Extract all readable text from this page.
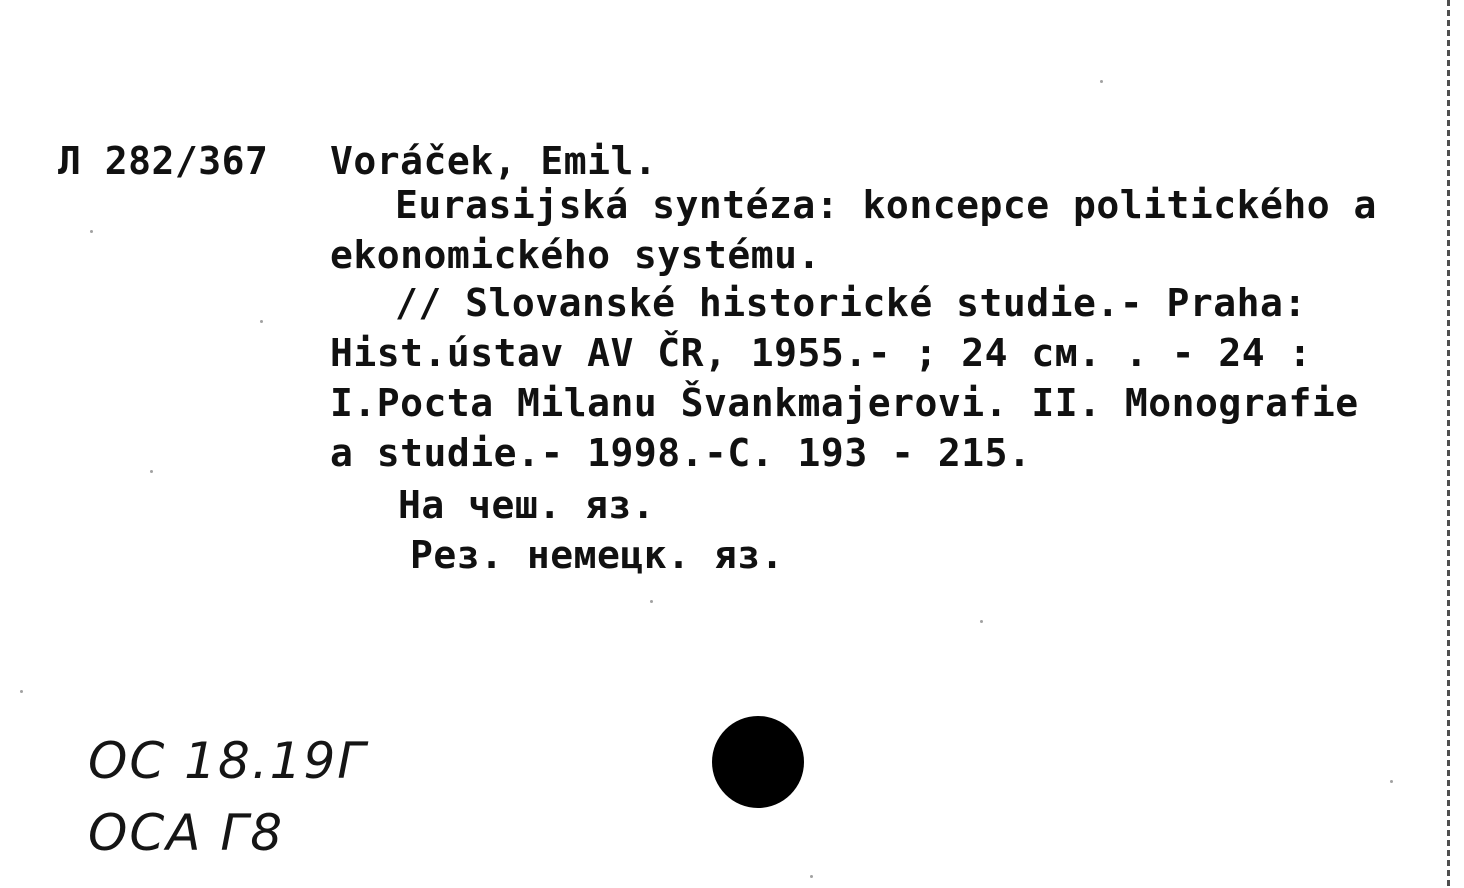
Л 282/367 Voráček, Emil.
Eurasijská syntéza: koncepce politického a
ekonomického systému.
// Slovanské historické studie.- Praha:
Hist.ústav AV ČR, 1955.- ; 24 см. . - 24 :
I.Pocta Milanu Švankmajerovi. II. Monografie
a studie.- 1998.-С. 193 - 215.
На чеш. яз.
Рез. немецк. яз.
ОС 18.19Г
ОСА Г8
